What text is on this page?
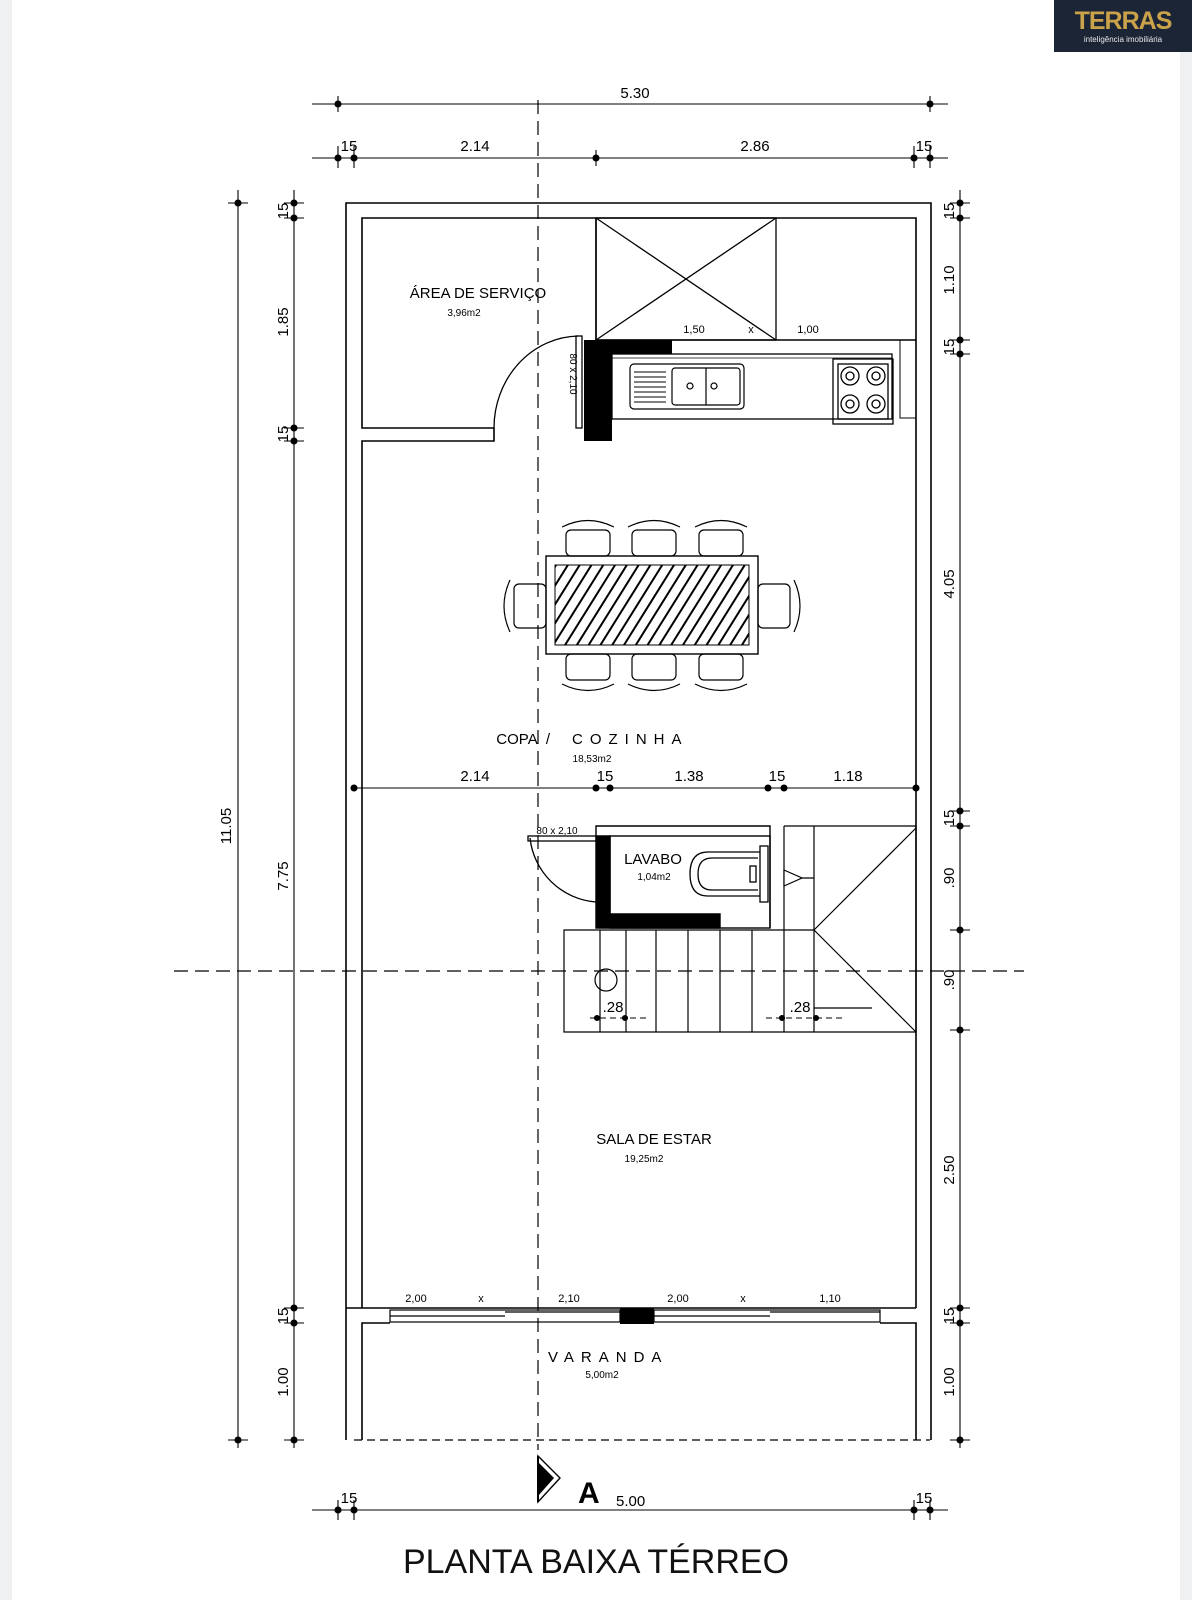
TERRAS
inteligência imobiliária
5.30
15	2.14	2.86	15
11.05
15
1.85
15
7.75
15
1.00
15
1.10
15
4.05
15
.90
.90
2.50
15
1.00
2.14	15	1.38	15	1.18
15	5.00	15
A
1,50	x	1,00
80 x 2,10
80 x 2,10
2,00	x	2,10	2,00	x	1,10
.28	.28
ÁREA DE SERVIÇO
3,96m2
COPA / COZINHA
18,53m2
LAVABO
1,04m2
SALA DE ESTAR
19,25m2
VARANDA
5,00m2
PLANTA BAIXA TÉRREO
